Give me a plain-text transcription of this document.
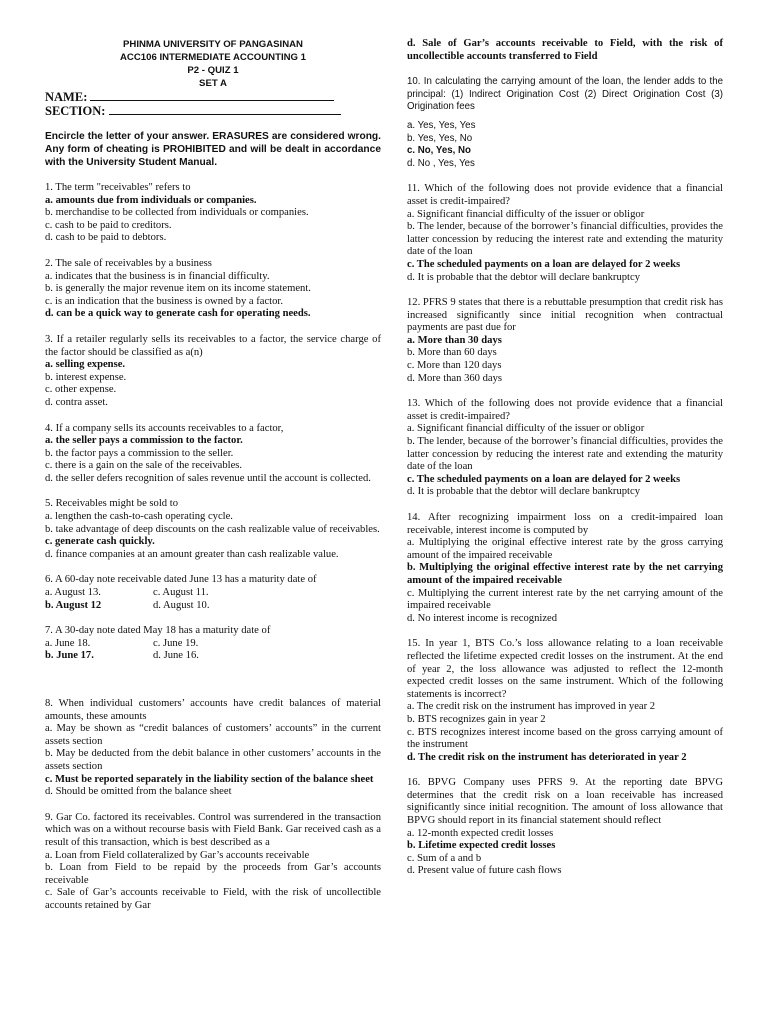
PHINMA UNIVERSITY OF PANGASINAN
ACC106 INTERMEDIATE ACCOUNTING 1
P2 - QUIZ 1
SET A
NAME:
SECTION:
Encircle the letter of your answer. ERASURES are considered wrong. Any form of cheating is PROHIBITED and will be dealt in accordance with the University Student Manual.
1. The term "receivables" refers to
a. amounts due from individuals or companies.
b. merchandise to be collected from individuals or companies.
c. cash to be paid to creditors.
d. cash to be paid to debtors.
2. The sale of receivables by a business
a. indicates that the business is in financial difficulty.
b. is generally the major revenue item on its income statement.
c. is an indication that the business is owned by a factor.
d. can be a quick way to generate cash for operating needs.
3. If a retailer regularly sells its receivables to a factor, the service charge of the factor should be classified as a(n)
a. selling expense.
b. interest expense.
c. other expense.
d. contra asset.
4. If a company sells its accounts receivables to a factor,
a. the seller pays a commission to the factor.
b. the factor pays a commission to the seller.
c. there is a gain on the sale of the receivables.
d. the seller defers recognition of sales revenue until the account is collected.
5. Receivables might be sold to
a. lengthen the cash-to-cash operating cycle.
b. take advantage of deep discounts on the cash realizable value of receivables.
c. generate cash quickly.
d. finance companies at an amount greater than cash realizable value.
6. A 60-day note receivable dated June 13 has a maturity date of
a. August 13.	c. August 11.
b. August 12	d. August 10.
7. A 30-day note dated May 18 has a maturity date of
a. June 18.	c. June 19.
b. June 17.	d. June 16.
8. When individual customers’ accounts have credit balances of material amounts, these amounts
a. May be shown as “credit balances of customers’ accounts” in the current assets section
b. May be deducted from the debit balance in other customers’ accounts in the assets section
c. Must be reported separately in the liability section of the balance sheet
d. Should be omitted from the balance sheet
9. Gar Co. factored its receivables. Control was surrendered in the transaction which was on a without recourse basis with Field Bank. Gar received cash as a result of this transaction, which is best described as a
a. Loan from Field collateralized by Gar’s accounts receivable
b. Loan from Field to be repaid by the proceeds from Gar’s accounts receivable
c. Sale of Gar’s accounts receivable to Field, with the risk of uncollectible accounts retained by Gar
d. Sale of Gar’s accounts receivable to Field, with the risk of uncollectible accounts transferred to Field
10. In calculating the carrying amount of the loan, the lender adds to the principal: (1) Indirect Origination Cost (2) Direct Origination Cost (3) Origination fees
a. Yes, Yes, Yes
b. Yes, Yes, No
c. No, Yes, No
d. No , Yes, Yes
11. Which of the following does not provide evidence that a financial asset is credit-impaired?
a. Significant financial difficulty of the issuer or obligor
b. The lender, because of the borrower’s financial difficulties, provides the latter concession by reducing the interest rate and extending the maturity date of the loan
c. The scheduled payments on a loan are delayed for 2 weeks
d. It is probable that the debtor will declare bankruptcy
12. PFRS 9 states that there is a rebuttable presumption that credit risk has increased significantly since initial recognition when contractual payments are past due for
a. More than 30 days
b. More than 60 days
c. More than 120 days
d. More than 360 days
13. Which of the following does not provide evidence that a financial asset is credit-impaired?
a. Significant financial difficulty of the issuer or obligor
b. The lender, because of the borrower’s financial difficulties, provides the latter concession by reducing the interest rate and extending the maturity date of the loan
c. The scheduled payments on a loan are delayed for 2 weeks
d. It is probable that the debtor will declare bankruptcy
14. After recognizing impairment loss on a credit-impaired loan receivable, interest income is computed by
a. Multiplying the original effective interest rate by the gross carrying amount of the impaired receivable
b. Multiplying the original effective interest rate by the net carrying amount of the impaired receivable
c. Multiplying the current interest rate by the net carrying amount of the impaired receivable
d. No interest income is recognized
15. In year 1, BTS Co.’s loss allowance relating to a loan receivable reflected the lifetime expected credit losses on the instrument. At the end of year 2, the loss allowance was adjusted to reflect the 12-month expected credit losses on the same instrument. Which of the following statements is incorrect?
a. The credit risk on the instrument has improved in year 2
b. BTS recognizes gain in year 2
c. BTS recognizes interest income based on the gross carrying amount of the instrument
d. The credit risk on the instrument has deteriorated in year 2
16. BPVG Company uses PFRS 9. At the reporting date BPVG determines that the credit risk on a loan receivable has increased significantly since initial recognition. The amount of loss allowance that BPVG should report in its financial statement should reflect
a. 12-month expected credit losses
b. Lifetime expected credit losses
c. Sum of a and b
d. Present value of future cash flows
